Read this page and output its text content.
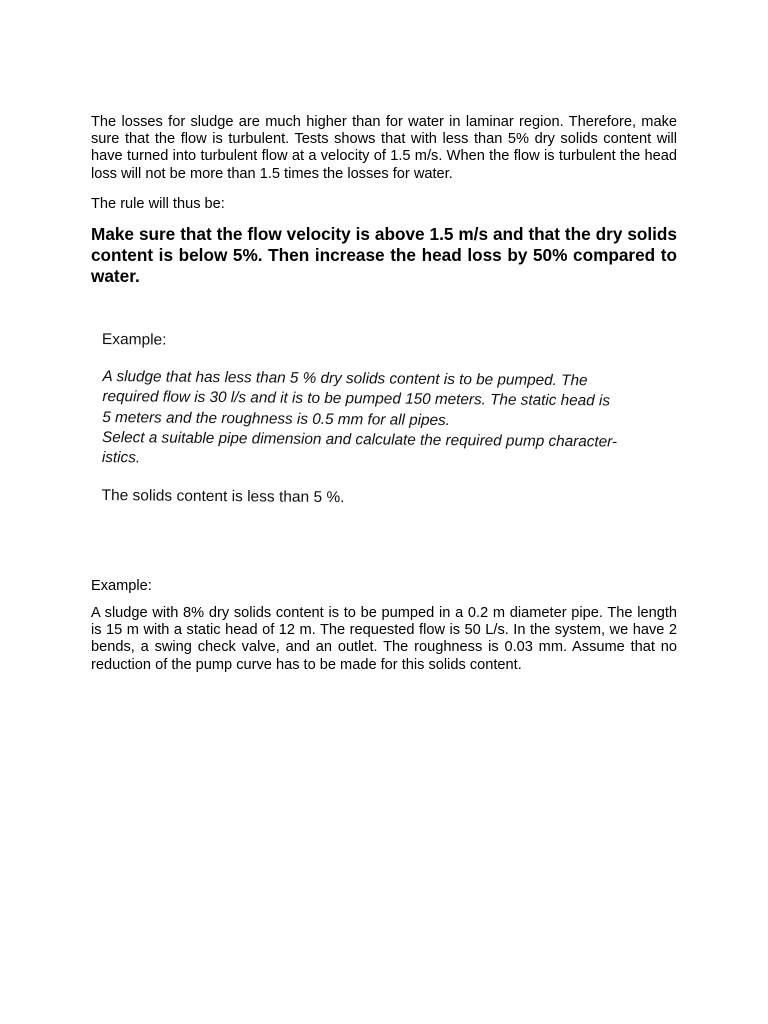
The losses for sludge are much higher than for water in laminar region. Therefore, make sure that the flow is turbulent. Tests shows that with less than 5% dry solids content will have turned into turbulent flow at a velocity of 1.5 m/s. When the flow is turbulent the head loss will not be more than 1.5 times the losses for water.

The rule will thus be:

Make sure that the flow velocity is above 1.5 m/s and that the dry solids content is below 5%. Then increase the head loss by 50% compared to water.

Example:

A sludge that has less than 5 % dry solids content is to be pumped. The
required flow is 30 l/s and it is to be pumped 150 meters. The static head is
5 meters and the roughness is 0.5 mm for all pipes.
Select a suitable pipe dimension and calculate the required pump character-
istics.

The solids content is less than 5 %.

Example:

A sludge with 8% dry solids content is to be pumped in a 0.2 m diameter pipe. The length is 15 m with a static head of 12 m. The requested flow is 50 L/s. In the system, we have 2 bends, a swing check valve, and an outlet. The roughness is 0.03 mm. Assume that no reduction of the pump curve has to be made for this solids content.
